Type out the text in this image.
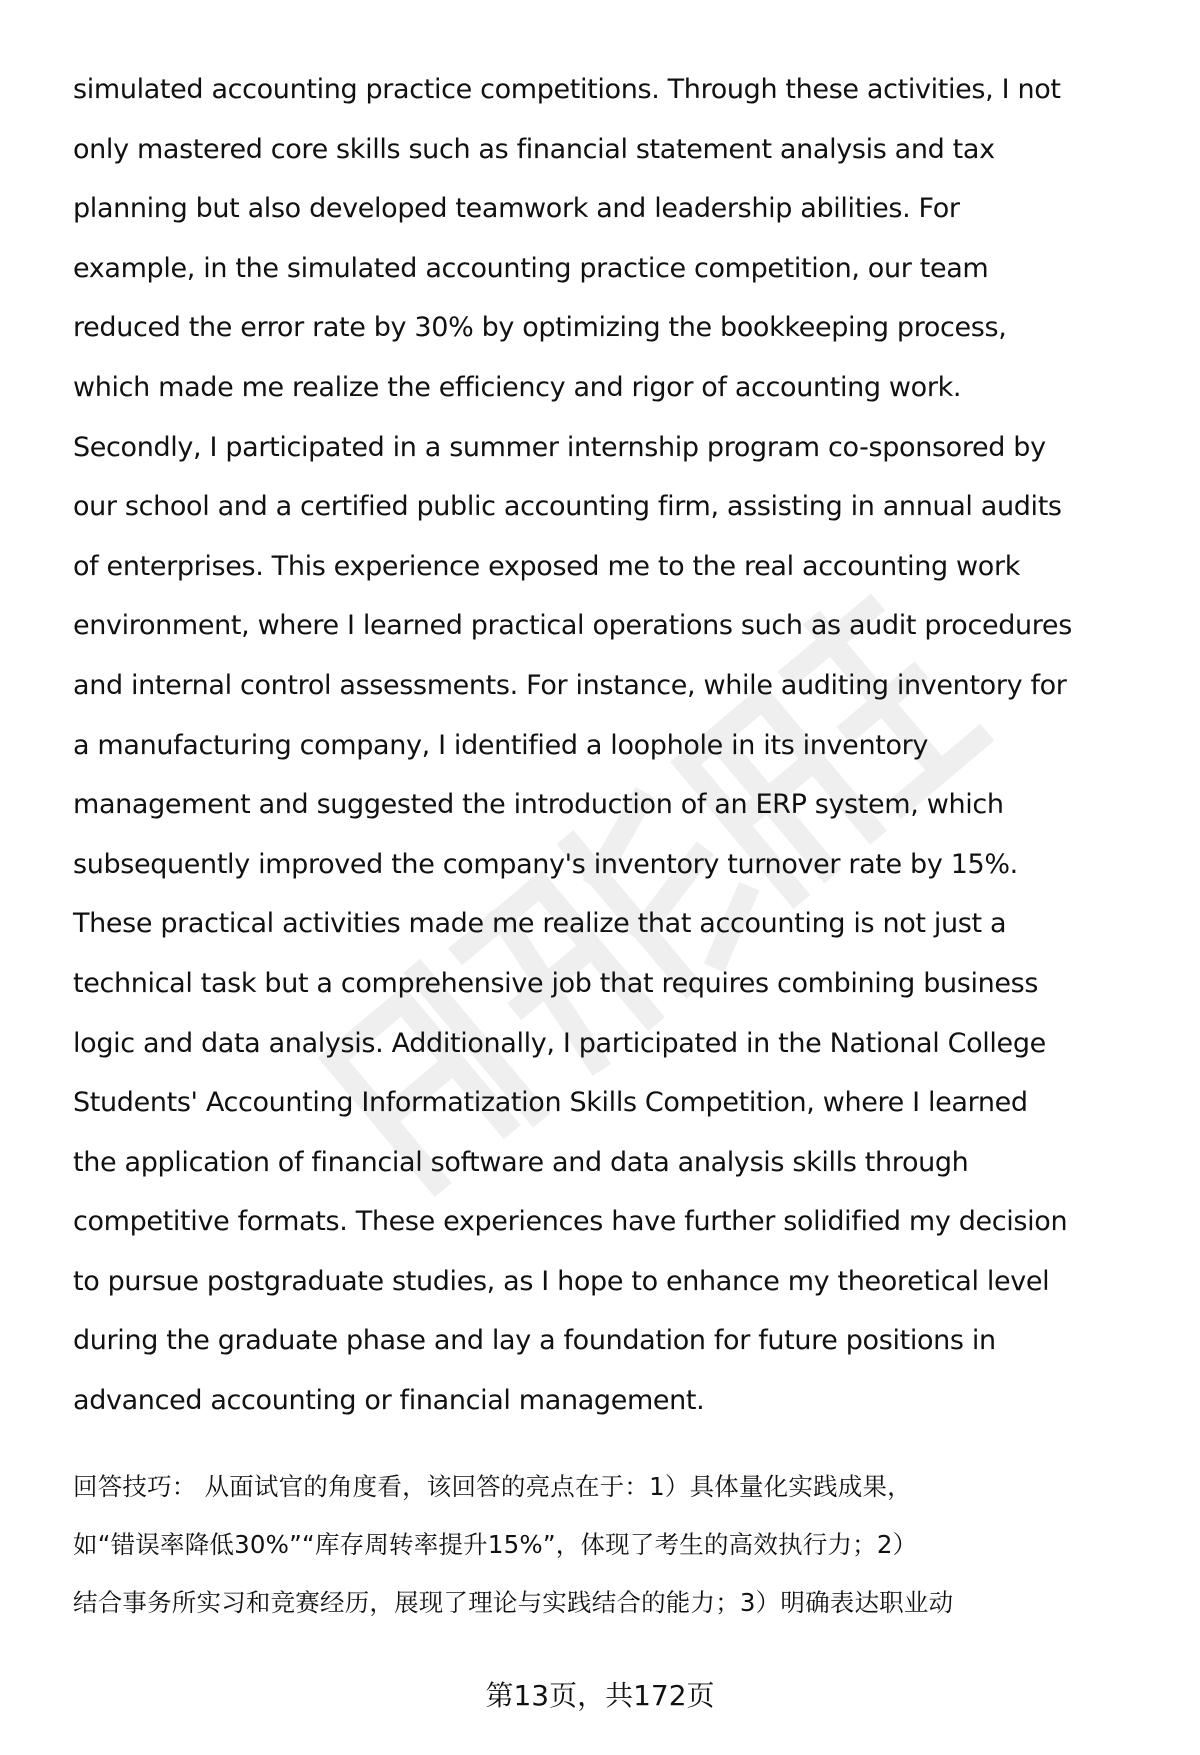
simulated accounting practice competitions. Through these activities, I not
only mastered core skills such as financial statement analysis and tax
planning but also developed teamwork and leadership abilities. For
example, in the simulated accounting practice competition, our team
reduced the error rate by 30% by optimizing the bookkeeping process,
which made me realize the efficiency and rigor of accounting work.
Secondly, I participated in a summer internship program co-sponsored by
our school and a certified public accounting firm, assisting in annual audits
of enterprises. This experience exposed me to the real accounting work
environment, where I learned practical operations such as audit procedures
and internal control assessments. For instance, while auditing inventory for
a manufacturing company, I identified a loophole in its inventory
management and suggested the introduction of an ERP system, which
subsequently improved the company's inventory turnover rate by 15%.
These practical activities made me realize that accounting is not just a
technical task but a comprehensive job that requires combining business
logic and data analysis. Additionally, I participated in the National College
Students' Accounting Informatization Skills Competition, where I learned
the application of financial software and data analysis skills through
competitive formats. These experiences have further solidified my decision
to pursue postgraduate studies, as I hope to enhance my theoretical level
during the graduate phase and lay a foundation for future positions in
advanced accounting or financial management.
回答技巧： 从面试官的角度看，该回答的亮点在于：1）具体量化实践成果，
如“错误率降低30%”“库存周转率提升15%”，体现了考生的高效执行力；2）
结合事务所实习和竞赛经历，展现了理论与实践结合的能力；3）明确表达职业动
第13页，共172页
